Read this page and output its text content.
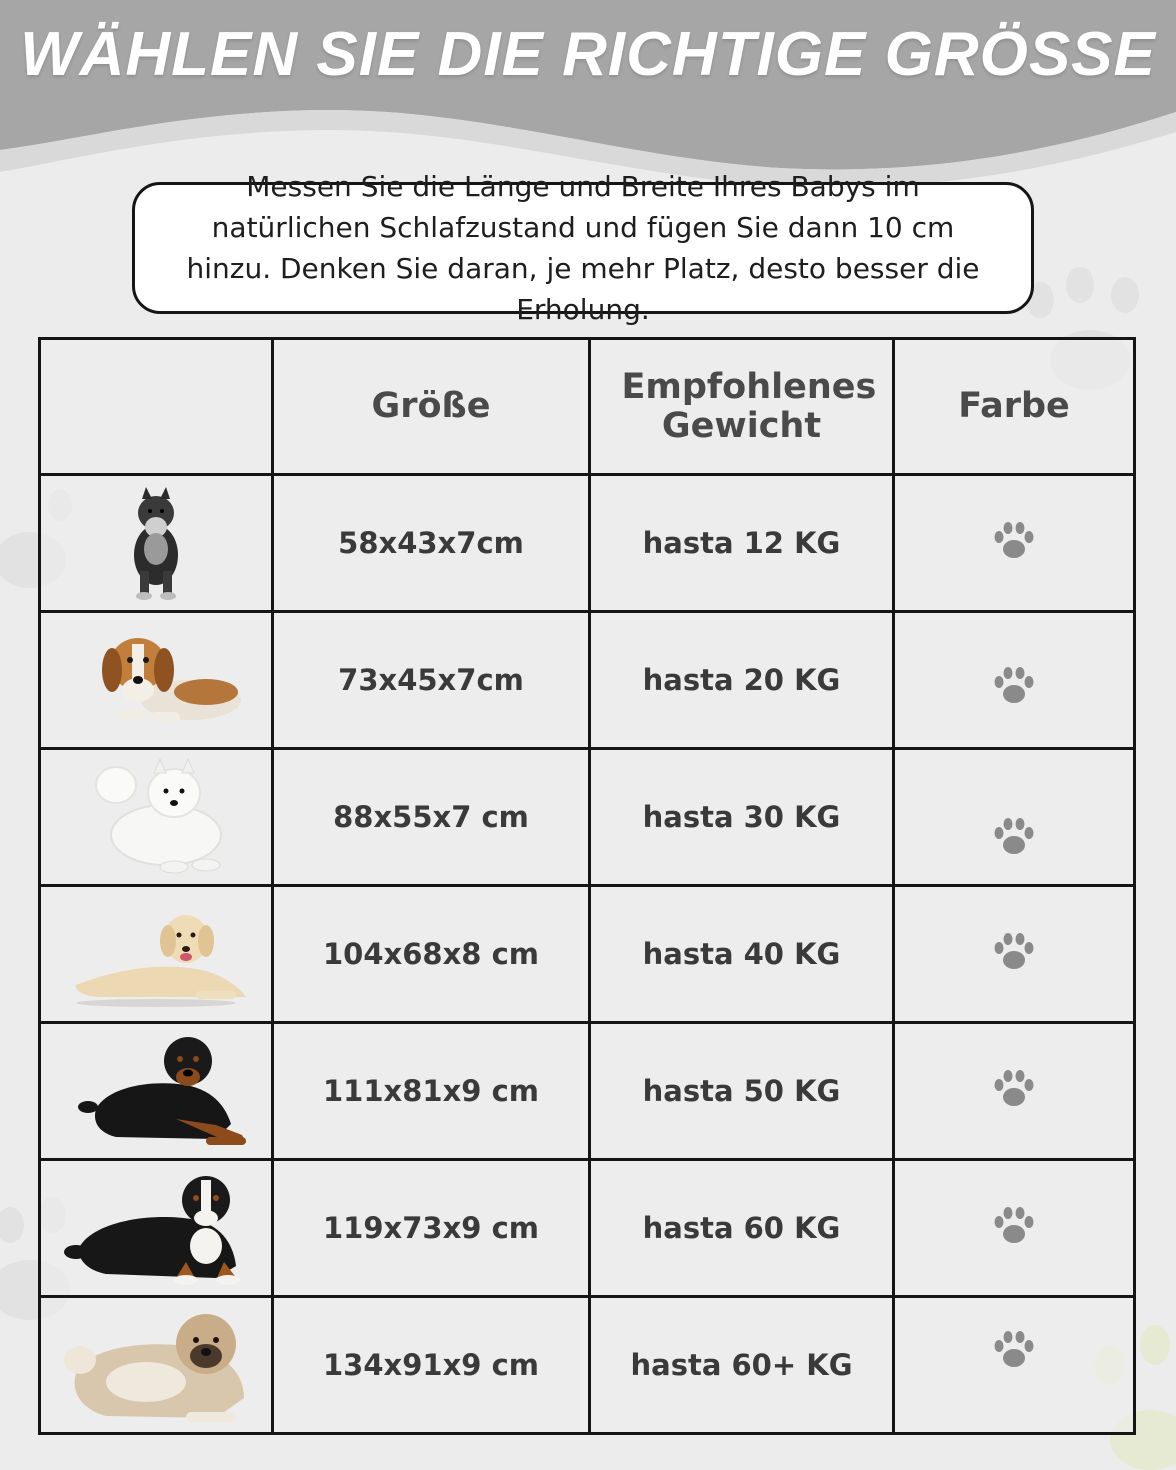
WÄHLEN SIE DIE RICHTIGE GRÖSSE
Messen Sie die Länge und Breite Ihres Babys im natürlichen Schlafzustand und fügen Sie dann 10 cm hinzu. Denken Sie daran, je mehr Platz, desto besser die Erholung.
	Größe	Empfohlenes Gewicht	Farbe

	58x43x7cm	hasta 12 KG	

	73x45x7cm	hasta 20 KG	

	88x55x7 cm	hasta 30 KG	

	104x68x8 cm	hasta 40 KG	

	111x81x9 cm	hasta 50 KG	

	119x73x9 cm	hasta 60 KG	

	134x91x9 cm	hasta 60+ KG	
